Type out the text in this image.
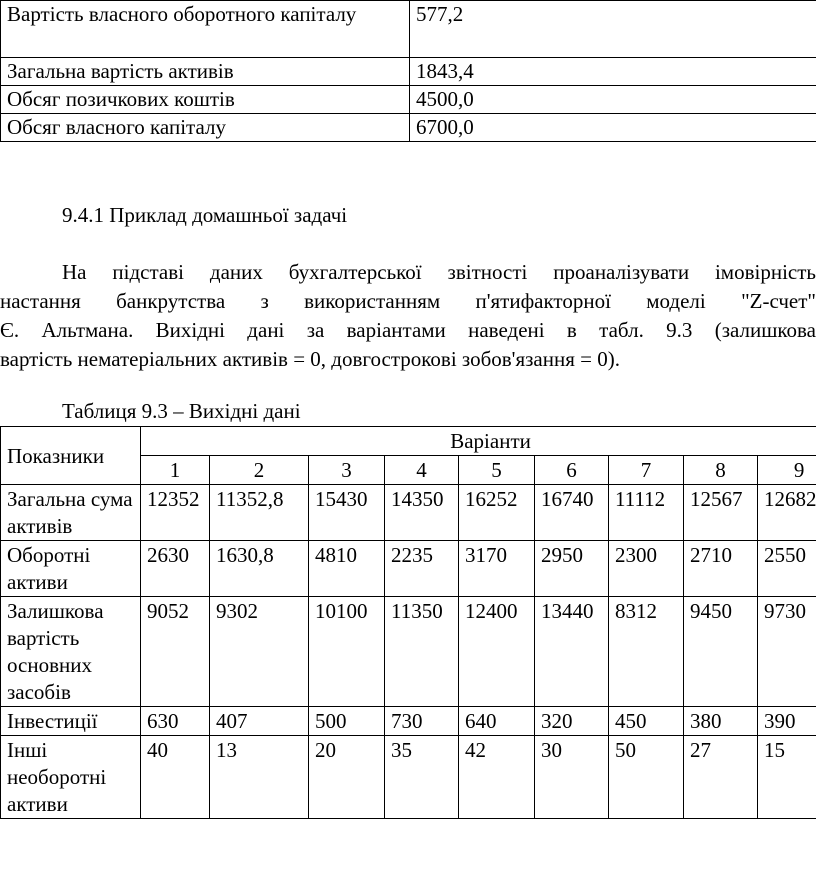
Вартість власного оборотного капіталу	577,2
Загальна вартість активів	1843,4
Обсяг позичкових коштів	4500,0
Обсяг власного капіталу	6700,0
9.4.1 Приклад домашньої задачі
На підставі даних бухгалтерської звітності проаналізувати імовірність
настання банкрутства з використанням п'ятифакторної моделі "Z-счет"
Є. Альтмана. Вихідні дані за варіантами наведені в табл. 9.3 (залишкова
вартість нематеріальних активів = 0, довгострокові зобов'язання = 0).
Таблиця 9.3 – Вихідні дані
Показники	Варіанти								
	1	2	3	4	5	6	7	8	9
Загальна сума активів	12352	11352,8	15430	14350	16252	16740	11112	12567	12682
Оборотні активи	2630	1630,8	4810	2235	3170	2950	2300	2710	2550
Залишкова вартість основних засобів	9052	9302	10100	11350	12400	13440	8312	9450	9730
Інвестиції	630	407	500	730	640	320	450	380	390
Інші необоротні активи	40	13	20	35	42	30	50	27	15
